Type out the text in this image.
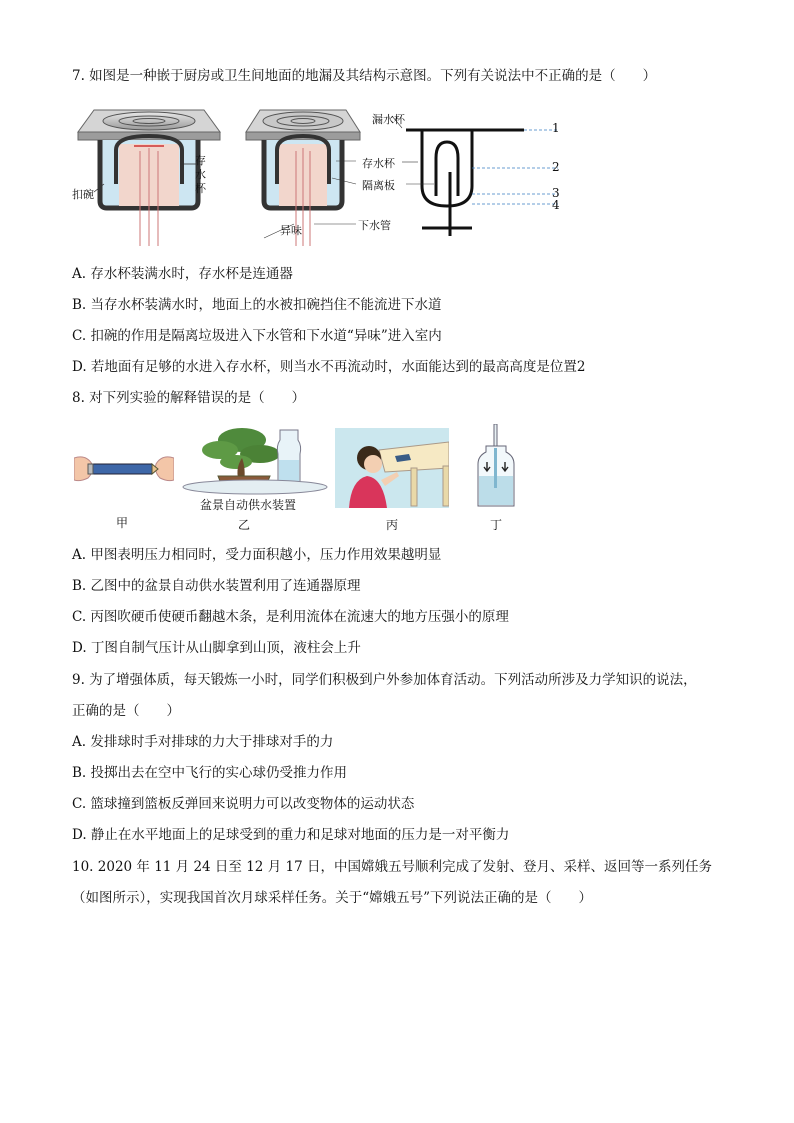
7. 如图是一种嵌于厨房或卫生间地面的地漏及其结构示意图。下列有关说法中不正确的是（　　）
存水杯
扣碗
异味
漏水杯
存水杯
隔离板
下水管
1
2
3
4
A. 存水杯装满水时，存水杯是连通器
B. 当存水杯装满水时，地面上的水被扣碗挡住不能流进下水道
C. 扣碗的作用是隔离垃圾进入下水管和下水道“异味”进入室内
D. 若地面有足够的水进入存水杯，则当水不再流动时，水面能达到的最高高度是位置2
8. 对下列实验的解释错误的是（　　）
甲
盆景自动供水装置
乙	丙	丁
A. 甲图表明压力相同时，受力面积越小，压力作用效果越明显
B. 乙图中的盆景自动供水装置利用了连通器原理
C. 丙图吹硬币使硬币翻越木条，是利用流体在流速大的地方压强小的原理
D. 丁图自制气压计从山脚拿到山顶，液柱会上升
9. 为了增强体质，每天锻炼一小时，同学们积极到户外参加体育活动。下列活动所涉及力学知识的说法，
正确的是（　　）
A. 发排球时手对排球的力大于排球对手的力
B. 投掷出去在空中飞行的实心球仍受推力作用
C. 篮球撞到篮板反弹回来说明力可以改变物体的运动状态
D. 静止在水平地面上的足球受到的重力和足球对地面的压力是一对平衡力
10. 2020 年 11 月 24 日至 12 月 17 日，中国嫦娥五号顺利完成了发射、登月、采样、返回等一系列任务
（如图所示），实现我国首次月球采样任务。关于“嫦娥五号”下列说法正确的是（　　）
